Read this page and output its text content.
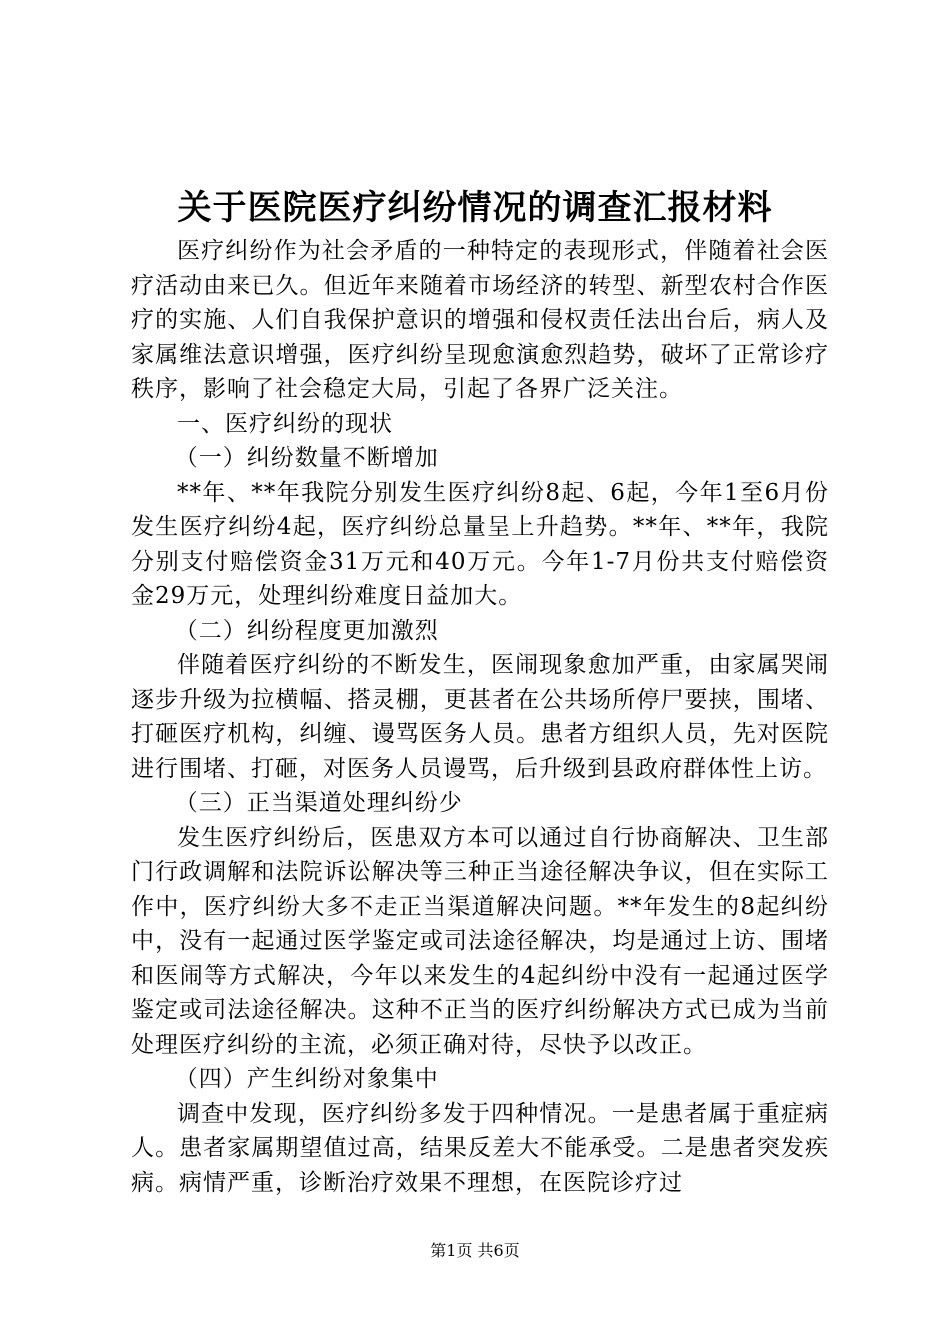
关于医院医疗纠纷情况的调查汇报材料

医疗纠纷作为社会矛盾的一种特定的表现形式，伴随着社会医疗活动由来已久。但近年来随着市场经济的转型、新型农村合作医疗的实施、人们自我保护意识的增强和侵权责任法出台后，病人及家属维法意识增强，医疗纠纷呈现愈演愈烈趋势，破坏了正常诊疗秩序，影响了社会稳定大局，引起了各界广泛关注。

一、医疗纠纷的现状

（一）纠纷数量不断增加

**年、**年我院分别发生医疗纠纷8起、6起，今年1至6月份发生医疗纠纷4起，医疗纠纷总量呈上升趋势。**年、**年，我院分别支付赔偿资金31万元和40万元。今年1-7月份共支付赔偿资金29万元，处理纠纷难度日益加大。

（二）纠纷程度更加激烈

伴随着医疗纠纷的不断发生，医闹现象愈加严重，由家属哭闹逐步升级为拉横幅、搭灵棚，更甚者在公共场所停尸要挟，围堵、打砸医疗机构，纠缠、谩骂医务人员。患者方组织人员，先对医院进行围堵、打砸，对医务人员谩骂，后升级到县政府群体性上访。

（三）正当渠道处理纠纷少

发生医疗纠纷后，医患双方本可以通过自行协商解决、卫生部门行政调解和法院诉讼解决等三种正当途径解决争议，但在实际工作中，医疗纠纷大多不走正当渠道解决问题。**年发生的8起纠纷中，没有一起通过医学鉴定或司法途径解决，均是通过上访、围堵和医闹等方式解决，今年以来发生的4起纠纷中没有一起通过医学鉴定或司法途径解决。这种不正当的医疗纠纷解决方式已成为当前处理医疗纠纷的主流，必须正确对待，尽快予以改正。

（四）产生纠纷对象集中

调查中发现，医疗纠纷多发于四种情况。一是患者属于重症病人。患者家属期望值过高，结果反差大不能承受。二是患者突发疾病。病情严重，诊断治疗效果不理想，在医院诊疗过

第1页 共6页
